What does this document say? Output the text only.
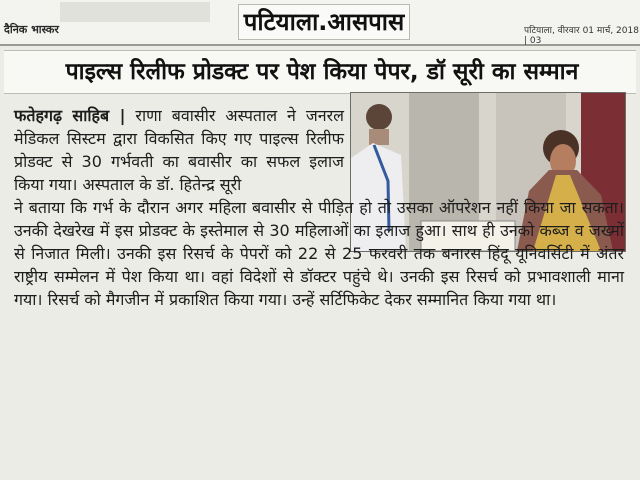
दैनिक भास्कर	पटियाला.आसपास	पटियाला, वीरवार 01 मार्च, 2018 | 03
पाइल्स रिलीफ प्रोडक्ट पर पेश किया पेपर, डॉ सूरी का सम्मान
फतेहगढ़ साहिब | राणा बवासीर अस्पताल ने जनरल मेडिकल सिस्टम द्वारा विकसित किए गए पाइल्स रिलीफ प्रोडक्ट से 30 गर्भवती का बवासीर का सफल इलाज किया गया। अस्पताल के डॉ. हितेन्द्र सूरी
ने बताया कि गर्भ के दौरान अगर महिला बवासीर से पीड़ित हो तो उसका ऑपरेशन नहीं किया जा सकता। उनकी देखरेख में इस प्रोडक्ट के इस्तेमाल से 30 महिलाओं का इलाज हुआ। साथ ही उनको कब्ज व जख्मों से निजात मिली। उनकी इस रिसर्च के पेपरों को 22 से 25 फरवरी तक बनारस हिंदू यूनिवर्सिटी में अंतर राष्ट्रीय सम्मेलन में पेश किया था। वहां विदेशों से डॉक्टर पहुंचे थे। उनकी इस रिसर्च को प्रभावशाली माना गया। रिसर्च को मैगजीन में प्रकाशित किया गया। उन्हें सर्टिफिकेट देकर सम्मानित किया गया था।
